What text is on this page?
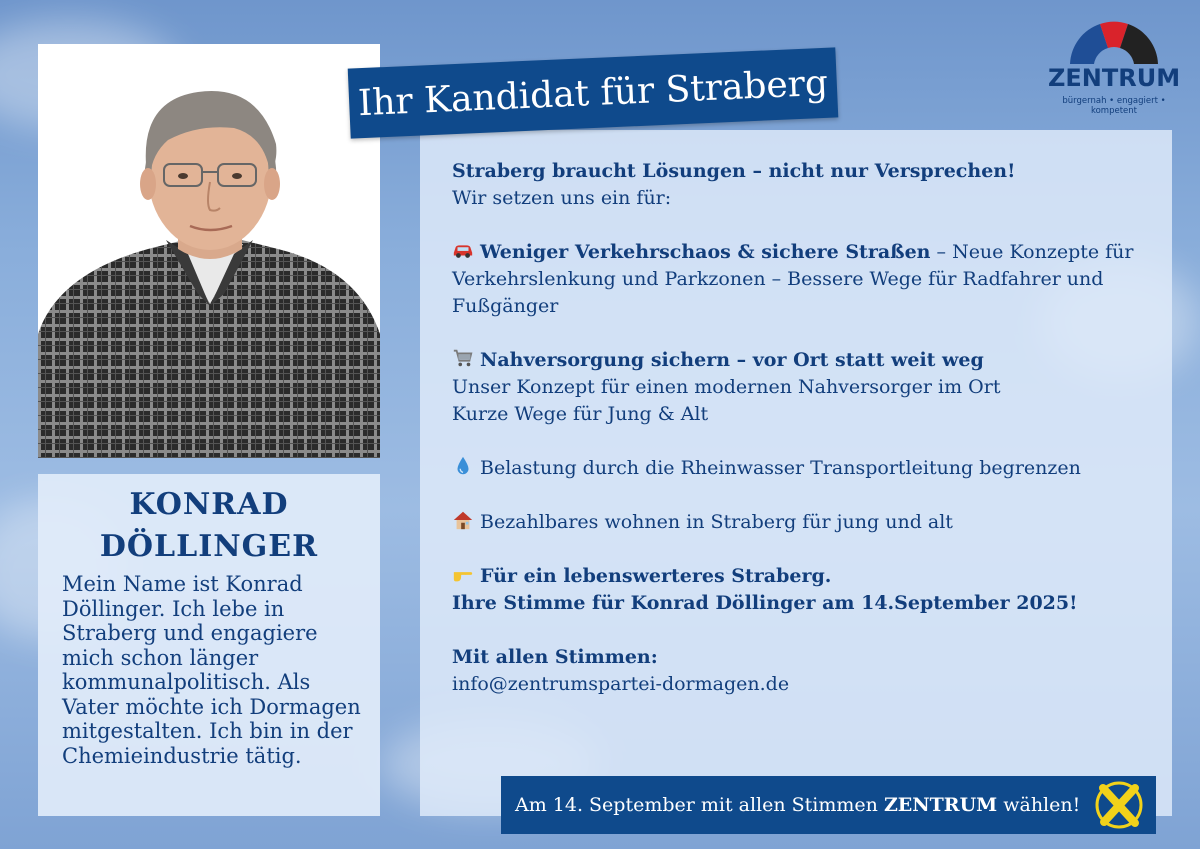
KONRAD
DÖLLINGER
Mein Name ist Konrad
Döllinger. Ich lebe in
Straberg und engagiere
mich schon länger
kommunalpolitisch. Als
Vater möchte ich Dormagen
mitgestalten. Ich bin in der
Chemieindustrie tätig.
Straberg braucht Lösungen – nicht nur Versprechen!
Wir setzen uns ein für:
Weniger Verkehrschaos & sichere Straßen – Neue Konzepte für
Verkehrslenkung und Parkzonen – Bessere Wege für Radfahrer und
Fußgänger
Nahversorgung sichern – vor Ort statt weit weg
Unser Konzept für einen modernen Nahversorger im Ort
Kurze Wege für Jung & Alt
Belastung durch die Rheinwasser Transportleitung begrenzen
Bezahlbares wohnen in Straberg für jung und alt
Für ein lebenswerteres Straberg.
Ihre Stimme für Konrad Döllinger am 14.September 2025!
Mit allen Stimmen:
info@zentrumspartei-dormagen.de
Ihr Kandidat für Straberg
Am 14. September mit allen Stimmen ZENTRUM wählen!
ZENTRUM
bürgernah • engagiert • kompetent
